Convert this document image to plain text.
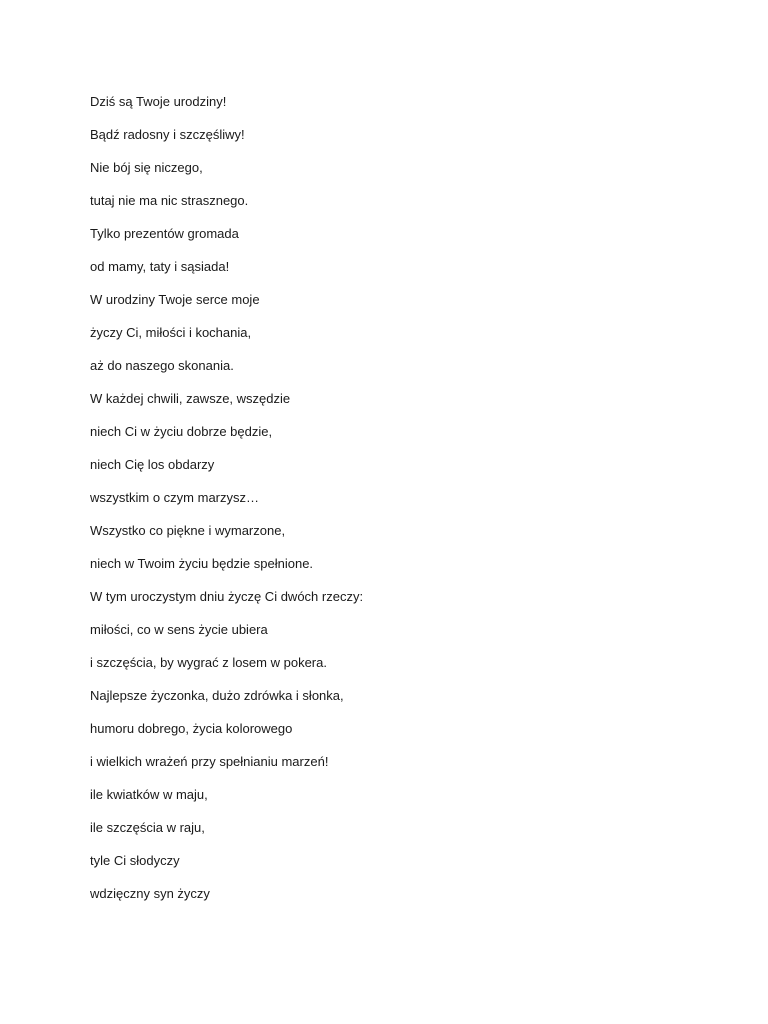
Dziś są Twoje urodziny!
Bądź radosny i szczęśliwy!
Nie bój się niczego,
tutaj nie ma nic strasznego.
Tylko prezentów gromada
od mamy, taty i sąsiada!
W urodziny Twoje serce moje
życzy Ci, miłości i kochania,
aż do naszego skonania.
W każdej chwili, zawsze, wszędzie
niech Ci w życiu dobrze będzie,
niech Cię los obdarzy
wszystkim o czym marzysz…
Wszystko co piękne i wymarzone,
niech w Twoim życiu będzie spełnione.
W tym uroczystym dniu życzę Ci dwóch rzeczy:
miłości, co w sens życie ubiera
i szczęścia, by wygrać z losem w pokera.
Najlepsze życzonka, dużo zdrówka i słonka,
humoru dobrego, życia kolorowego
i wielkich wrażeń przy spełnianiu marzeń!
ile kwiatków w maju,
ile szczęścia w raju,
tyle Ci słodyczy
wdzięczny syn życzy
